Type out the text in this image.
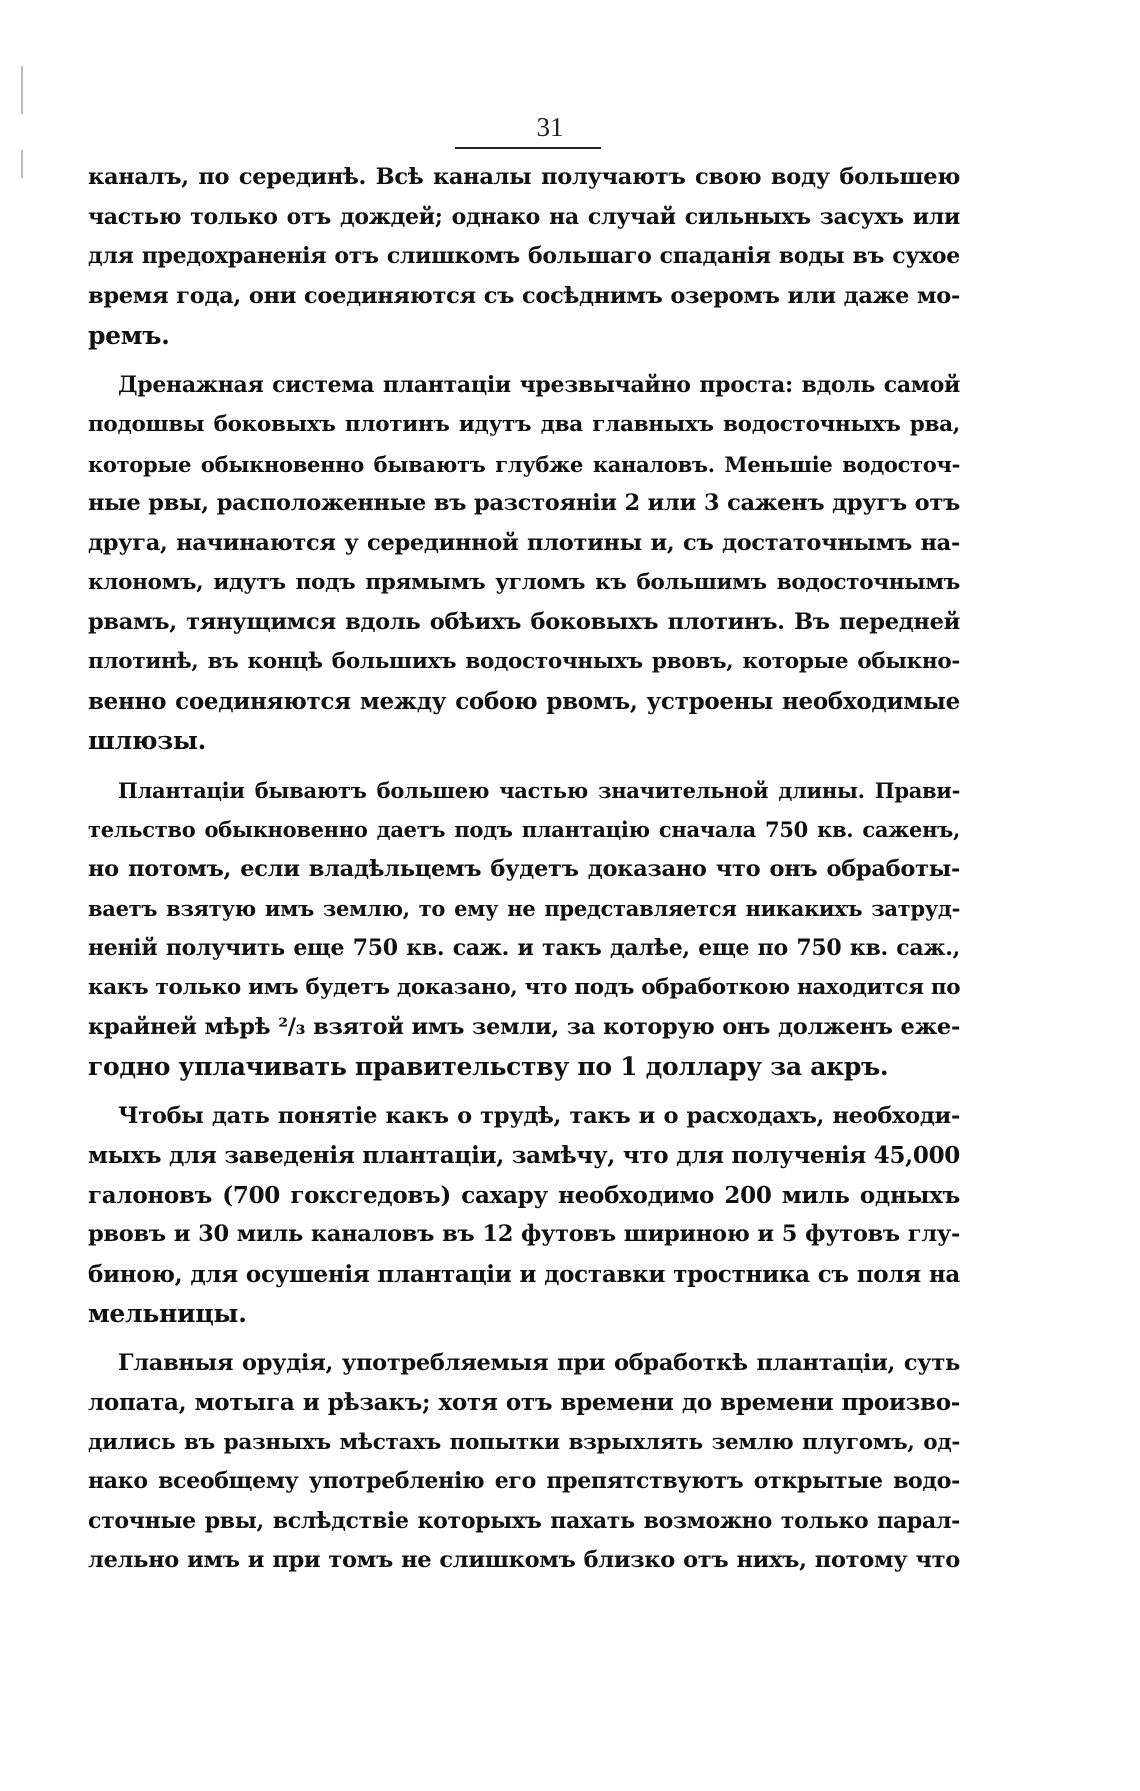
31
каналъ, по серединѣ. Всѣ каналы получаютъ свою воду большею
частью только отъ дождей; однако на случай сильныхъ засухъ или
для предохраненія отъ слишкомъ большаго спаданія воды въ сухое
время года, они соединяются съ сосѣднимъ озеромъ или даже мо-
ремъ.
Дренажная система плантаціи чрезвычайно проста: вдоль самой
подошвы боковыхъ плотинъ идутъ два главныхъ водосточныхъ рва,
которые обыкновенно бываютъ глубже каналовъ. Меньшіе водосточ-
ные рвы, расположенные въ разстояніи 2 или 3 саженъ другъ отъ
друга, начинаются у серединной плотины и, съ достаточнымъ на-
клономъ, идутъ подъ прямымъ угломъ къ большимъ водосточнымъ
рвамъ, тянущимся вдоль обѣихъ боковыхъ плотинъ. Въ передней
плотинѣ, въ концѣ большихъ водосточныхъ рвовъ, которые обыкно-
венно соединяются между собою рвомъ, устроены необходимые
шлюзы.
Плантаціи бываютъ большею частью значительной длины. Прави-
тельство обыкновенно даетъ подъ плантацію сначала 750 кв. саженъ,
но потомъ, если владѣльцемъ будетъ доказано что онъ обработы-
ваетъ взятую имъ землю, то ему не представляется никакихъ затруд-
неній получить еще 750 кв. саж. и такъ далѣе, еще по 750 кв. саж.,
какъ только имъ будетъ доказано, что подъ обработкою находится по
крайней мѣрѣ ²/₃ взятой имъ земли, за которую онъ долженъ еже-
годно уплачивать правительству по 1 доллару за акръ.
Чтобы дать понятіе какъ о трудѣ, такъ и о расходахъ, необходи-
мыхъ для заведенія плантаціи, замѣчу, что для полученія 45,000
галоновъ (700 гоксгедовъ) сахару необходимо 200 миль одныхъ
рвовъ и 30 миль каналовъ въ 12 футовъ шириною и 5 футовъ глу-
биною, для осушенія плантаціи и доставки тростника съ поля на
мельницы.
Главныя орудія, употребляемыя при обработкѣ плантаціи, суть
лопата, мотыга и рѣзакъ; хотя отъ времени до времени произво-
дились въ разныхъ мѣстахъ попытки взрыхлять землю плугомъ, од-
нако всеобщему употребленію его препятствуютъ открытые водо-
сточные рвы, вслѣдствіе которыхъ пахать возможно только парал-
лельно имъ и при томъ не слишкомъ близко отъ нихъ, потому что
